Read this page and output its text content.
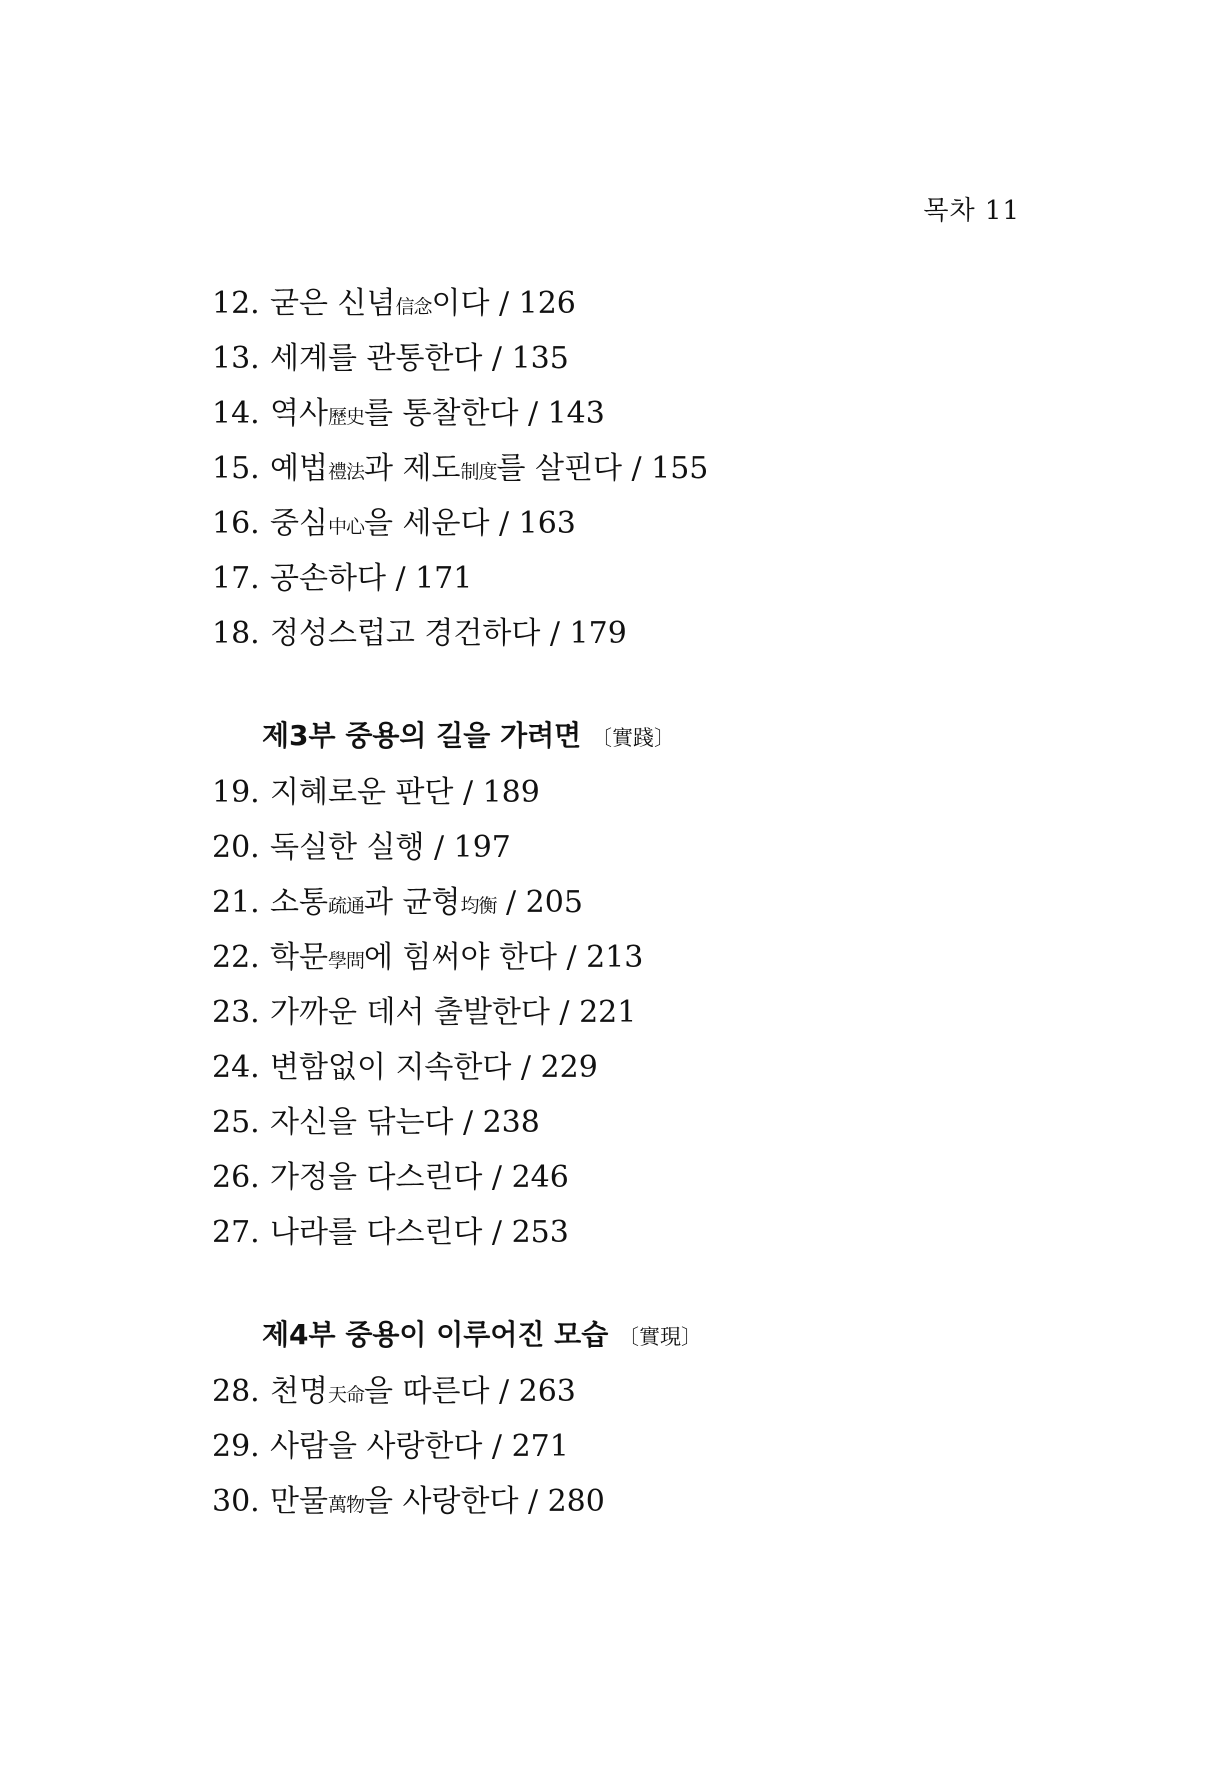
목차 11
12. 굳은 신념信念이다 / 126
13. 세계를 관통한다 / 135
14. 역사歷史를 통찰한다 / 143
15. 예법禮法과 제도制度를 살핀다 / 155
16. 중심中心을 세운다 / 163
17. 공손하다 / 171
18. 정성스럽고 경건하다 / 179
제3부 중용의 길을 가려면 〔實踐〕
19. 지혜로운 판단 / 189
20. 독실한 실행 / 197
21. 소통疏通과 균형均衡 / 205
22. 학문學問에 힘써야 한다 / 213
23. 가까운 데서 출발한다 / 221
24. 변함없이 지속한다 / 229
25. 자신을 닦는다 / 238
26. 가정을 다스린다 / 246
27. 나라를 다스린다 / 253
제4부 중용이 이루어진 모습 〔實現〕
28. 천명天命을 따른다 / 263
29. 사람을 사랑한다 / 271
30. 만물萬物을 사랑한다 / 280
